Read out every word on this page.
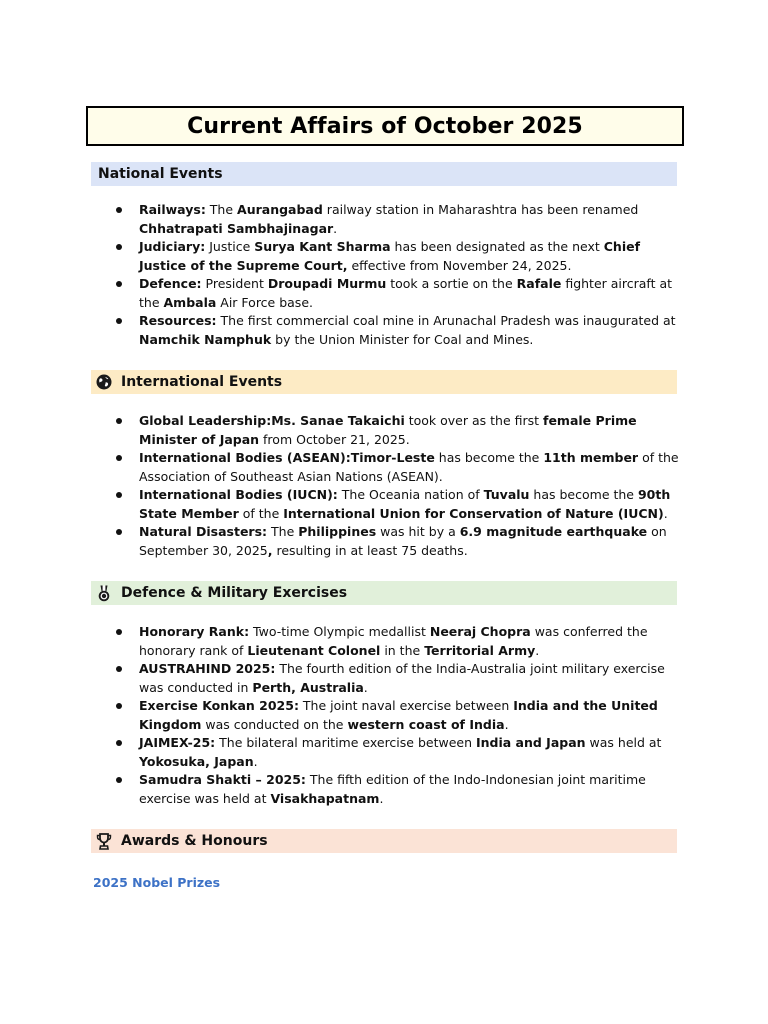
Current Affairs of October 2025
National Events
Railways: The Aurangabad railway station in Maharashtra has been renamed Chhatrapati Sambhajinagar.
Judiciary: Justice Surya Kant Sharma has been designated as the next Chief Justice of the Supreme Court, effective from November 24, 2025.
Defence: President Droupadi Murmu took a sortie on the Rafale fighter aircraft at the Ambala Air Force base.
Resources: The first commercial coal mine in Arunachal Pradesh was inaugurated at Namchik Namphuk by the Union Minister for Coal and Mines.
International Events
Global Leadership:Ms. Sanae Takaichi took over as the first female Prime Minister of Japan from October 21, 2025.
International Bodies (ASEAN):Timor-Leste has become the 11th member of the Association of Southeast Asian Nations (ASEAN).
International Bodies (IUCN): The Oceania nation of Tuvalu has become the 90th State Member of the International Union for Conservation of Nature (IUCN).
Natural Disasters: The Philippines was hit by a 6.9 magnitude earthquake on September 30, 2025, resulting in at least 75 deaths.
Defence & Military Exercises
Honorary Rank: Two-time Olympic medallist Neeraj Chopra was conferred the honorary rank of Lieutenant Colonel in the Territorial Army.
AUSTRAHIND 2025: The fourth edition of the India-Australia joint military exercise was conducted in Perth, Australia.
Exercise Konkan 2025: The joint naval exercise between India and the United Kingdom was conducted on the western coast of India.
JAIMEX-25: The bilateral maritime exercise between India and Japan was held at Yokosuka, Japan.
Samudra Shakti – 2025: The fifth edition of the Indo-Indonesian joint maritime exercise was held at Visakhapatnam.
Awards & Honours
2025 Nobel Prizes
